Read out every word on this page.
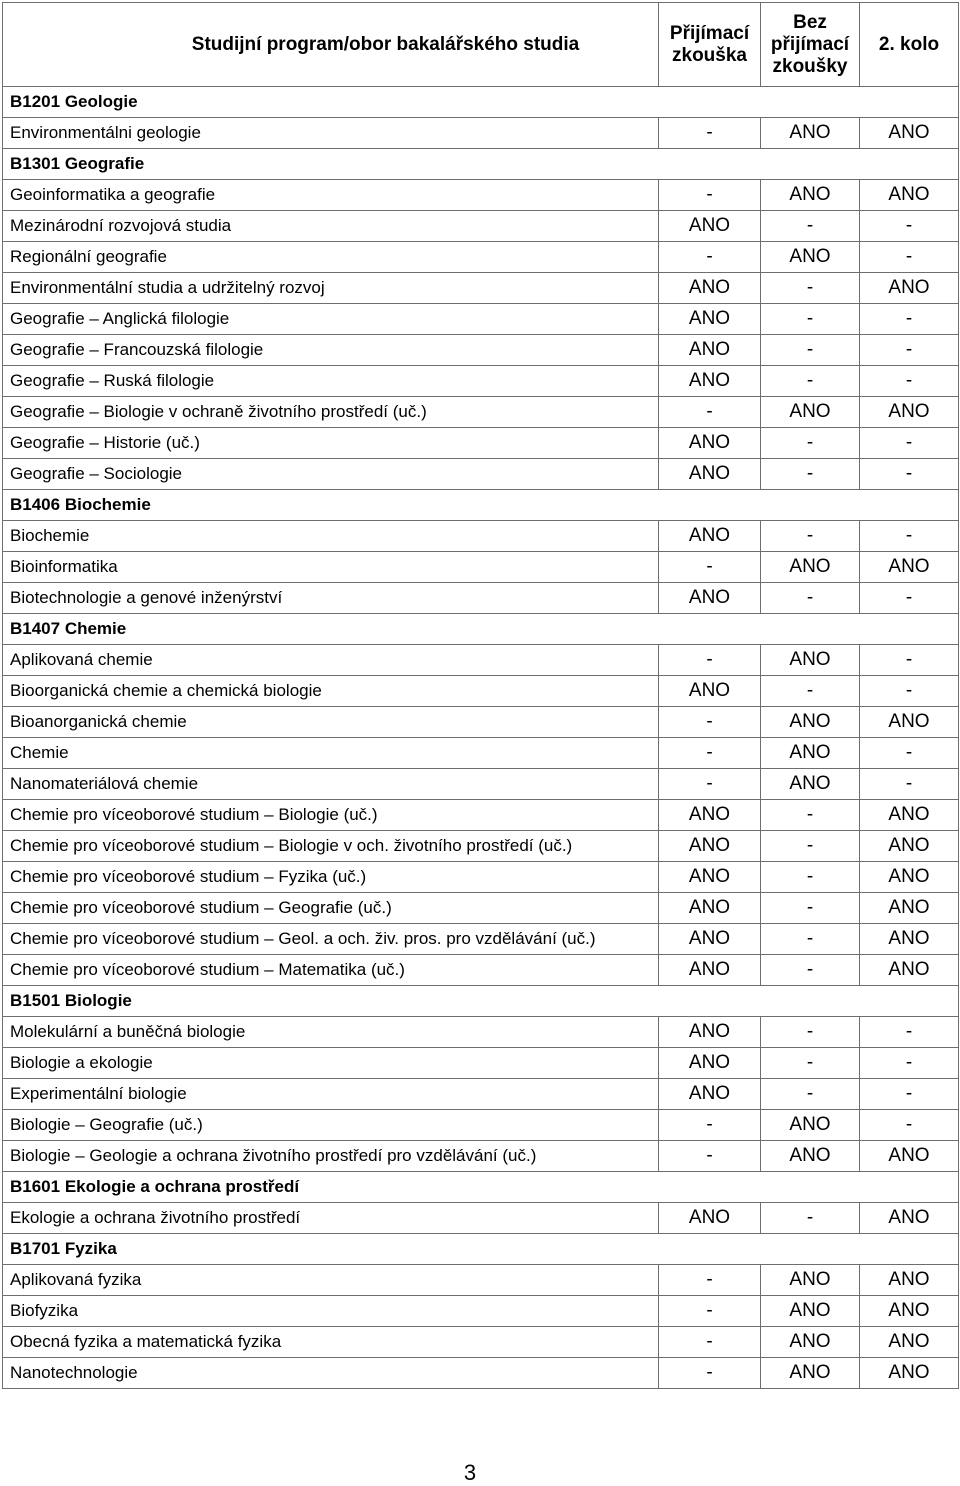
Studijní program/obor bakalářského studia	Přijímací zkouška	Bez přijímací zkoušky	2. kolo
B1201 Geologie			
Environmentálni geologie	-	ANO	ANO
B1301 Geografie			
Geoinformatika a geografie	-	ANO	ANO
Mezinárodní rozvojová studia	ANO	-	-
Regionální geografie	-	ANO	-
Environmentální studia a udržitelný rozvoj	ANO	-	ANO
Geografie – Anglická filologie	ANO	-	-
Geografie – Francouzská filologie	ANO	-	-
Geografie – Ruská filologie	ANO	-	-
Geografie – Biologie v ochraně životního prostředí (uč.)	-	ANO	ANO
Geografie – Historie (uč.)	ANO	-	-
Geografie – Sociologie	ANO	-	-
B1406 Biochemie			
Biochemie	ANO	-	-
Bioinformatika	-	ANO	ANO
Biotechnologie a genové inženýrství	ANO	-	-
B1407 Chemie			
Aplikovaná chemie	-	ANO	-
Bioorganická chemie a chemická biologie	ANO	-	-
Bioanorganická chemie	-	ANO	ANO
Chemie	-	ANO	-
Nanomateriálová chemie	-	ANO	-
Chemie pro víceoborové studium – Biologie (uč.)	ANO	-	ANO
Chemie pro víceoborové studium – Biologie v och. životního prostředí (uč.)	ANO	-	ANO
Chemie pro víceoborové studium – Fyzika (uč.)	ANO	-	ANO
Chemie pro víceoborové studium – Geografie (uč.)	ANO	-	ANO
Chemie pro víceoborové studium – Geol. a och. živ. pros. pro vzdělávání (uč.)	ANO	-	ANO
Chemie pro víceoborové studium – Matematika (uč.)	ANO	-	ANO
B1501 Biologie			
Molekulární a buněčná biologie	ANO	-	-
Biologie a ekologie	ANO	-	-
Experimentální biologie	ANO	-	-
Biologie – Geografie (uč.)	-	ANO	-
Biologie – Geologie a ochrana životního prostředí pro vzdělávání (uč.)	-	ANO	ANO
B1601 Ekologie a ochrana prostředí			
Ekologie a ochrana životního prostředí	ANO	-	ANO
B1701 Fyzika			
Aplikovaná fyzika	-	ANO	ANO
Biofyzika	-	ANO	ANO
Obecná fyzika a matematická fyzika	-	ANO	ANO
Nanotechnologie	-	ANO	ANO
3
